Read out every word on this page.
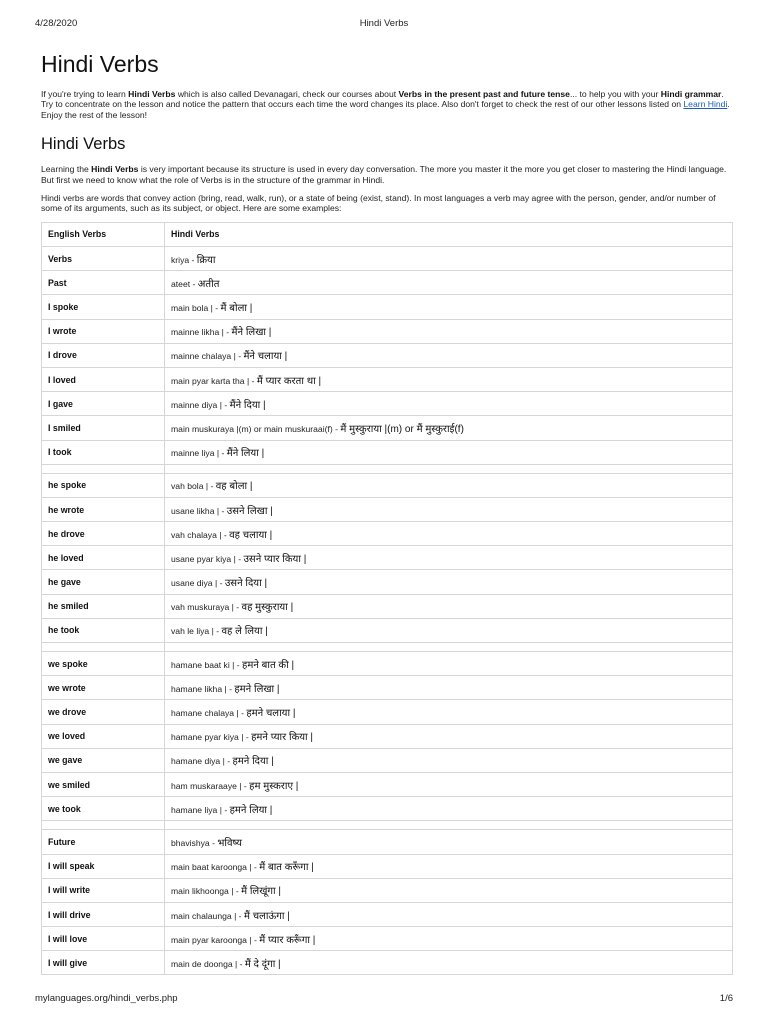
4/28/2020	Hindi Verbs
Hindi Verbs

If you're trying to learn Hindi Verbs which is also called Devanagari, check our courses about Verbs in the present past and future tense... to help you with your Hindi grammar. Try to concentrate on the lesson and notice the pattern that occurs each time the word changes its place. Also don't forget to check the rest of our other lessons listed on Learn Hindi. Enjoy the rest of the lesson!

Hindi Verbs

Learning the Hindi Verbs is very important because its structure is used in every day conversation. The more you master it the more you get closer to mastering the Hindi language. But first we need to know what the role of Verbs is in the structure of the grammar in Hindi.

Hindi verbs are words that convey action (bring, read, walk, run), or a state of being (exist, stand). In most languages a verb may agree with the person, gender, and/or number of some of its arguments, such as its subject, or object. Here are some examples:

English Verbs	Hindi Verbs
Verbs	kriya - क्रिया
Past	ateet - अतीत
I spoke	main bola | - मैं बोला |
I wrote	mainne likha | - मैंने लिखा |
I drove	mainne chalaya | - मैंने चलाया |
I loved	main pyar karta tha | - मैं प्यार करता था |
I gave	mainne diya | - मैंने दिया |
I smiled	main muskuraya |(m) or main muskuraai(f) - मैं मुस्कुराया |(m) or मैं मुस्कुराई(f)
I took	mainne liya | - मैंने लिया |

he spoke	vah bola | - वह बोला |
he wrote	usane likha | - उसने लिखा |
he drove	vah chalaya | - वह चलाया |
he loved	usane pyar kiya | - उसने प्यार किया |
he gave	usane diya | - उसने दिया |
he smiled	vah muskuraya | - वह मुस्कुराया |
he took	vah le liya | - वह ले लिया |

we spoke	hamane baat ki | - हमने बात की |
we wrote	hamane likha | - हमने लिखा |
we drove	hamane chalaya | - हमने चलाया |
we loved	hamane pyar kiya | - हमने प्यार किया |
we gave	hamane diya | - हमने दिया |
we smiled	ham muskaraaye | - हम मुस्कराए |
we took	hamane liya | - हमने लिया |

Future	bhavishya - भविष्य
I will speak	main baat karoonga | - मैं बात करूँगा |
I will write	main likhoonga | - मैं लिखूंगा |
I will drive	main chalaunga | - मैं चलाऊंगा |
I will love	main pyar karoonga | - मैं प्यार करूँगा |
I will give	main de doonga | - मैं दे दूंगा |
mylanguages.org/hindi_verbs.php	1/6
